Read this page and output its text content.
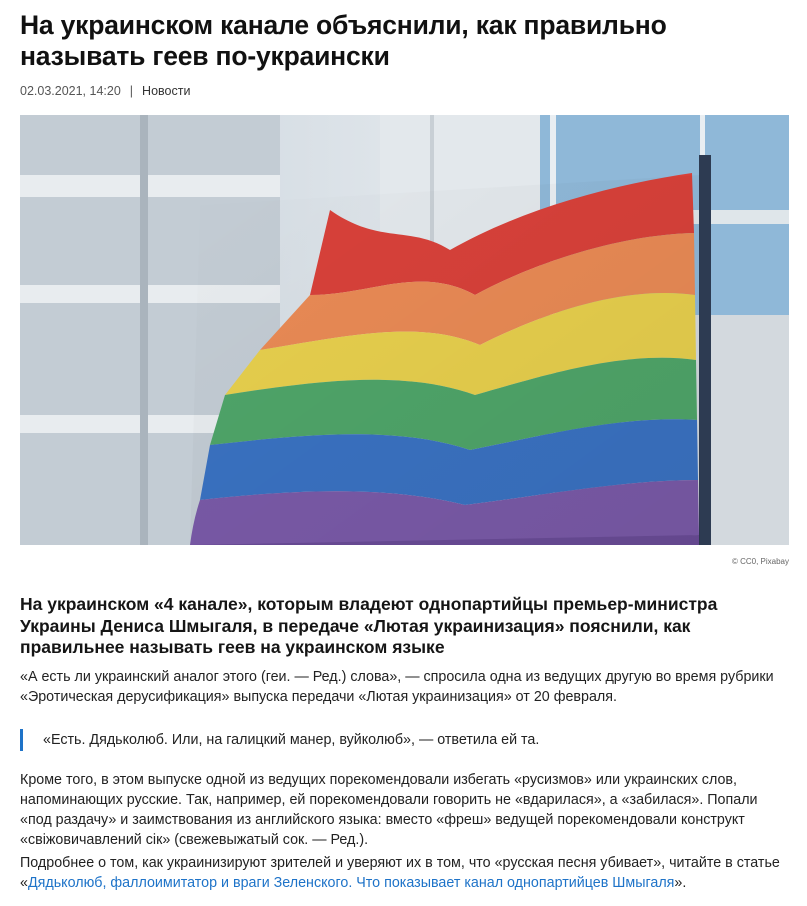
На украинском канале объяснили, как правильно называть геев по-украински
02.03.2021, 14:20 | Новости
© CC0, Pixabay

На украинском «4 канале», которым владеют однопартийцы премьер-министра Украины Дениса Шмыгаля, в передаче «Лютая украинизация» пояснили, как правильнее называть геев на украинском языке

«А есть ли украинский аналог этого (геи. — Ред.) слова», — спросила одна из ведущих другую во время рубрики «Эротическая дерусификация» выпуска передачи «Лютая украинизация» от 20 февраля.

«Есть. Дядьколюб. Или, на галицкий манер, вуйколюб», — ответила ей та.

Кроме того, в этом выпуске одной из ведущих порекомендовали избегать «русизмов» или украинских слов, напоминающих русские. Так, например, ей порекомендовали говорить не «вдарилася», а «забилася». Попали «под раздачу» и заимствования из английского языка: вместо «фреш» ведущей порекомендовали конструкт «свіжовичавлений сік» (свежевыжатый сок. — Ред.).

Подробнее о том, как украинизируют зрителей и уверяют их в том, что «русская песня убивает», читайте в статье «Дядьколюб, фаллоимитатор и враги Зеленского. Что показывает канал однопартийцев Шмыгаля».
